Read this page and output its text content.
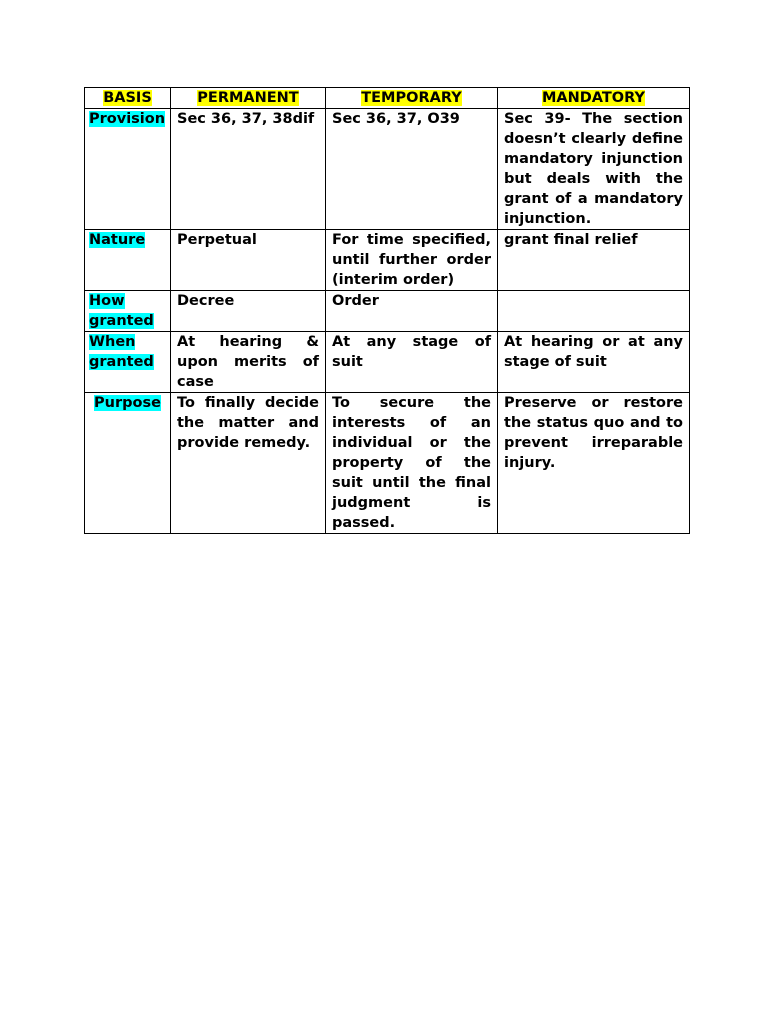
BASIS	PERMANENT	TEMPORARY	MANDATORY
Provision	Sec 36, 37, 38dif	Sec 36, 37, O39	Sec 39- The section doesn’t clearly define mandatory injunction but deals with the grant of a mandatory injunction.
Nature	Perpetual	For time specified, until further order (interim order)	grant final relief
How granted	Decree	Order	
When granted	At hearing & upon merits of case	At any stage of suit	At hearing or at any stage of suit
Purpose	To finally decide the matter and provide remedy.	To secure the interests of an individual or the property of the suit until the final judgment is passed.	Preserve or restore the status quo and to prevent irreparable injury.
